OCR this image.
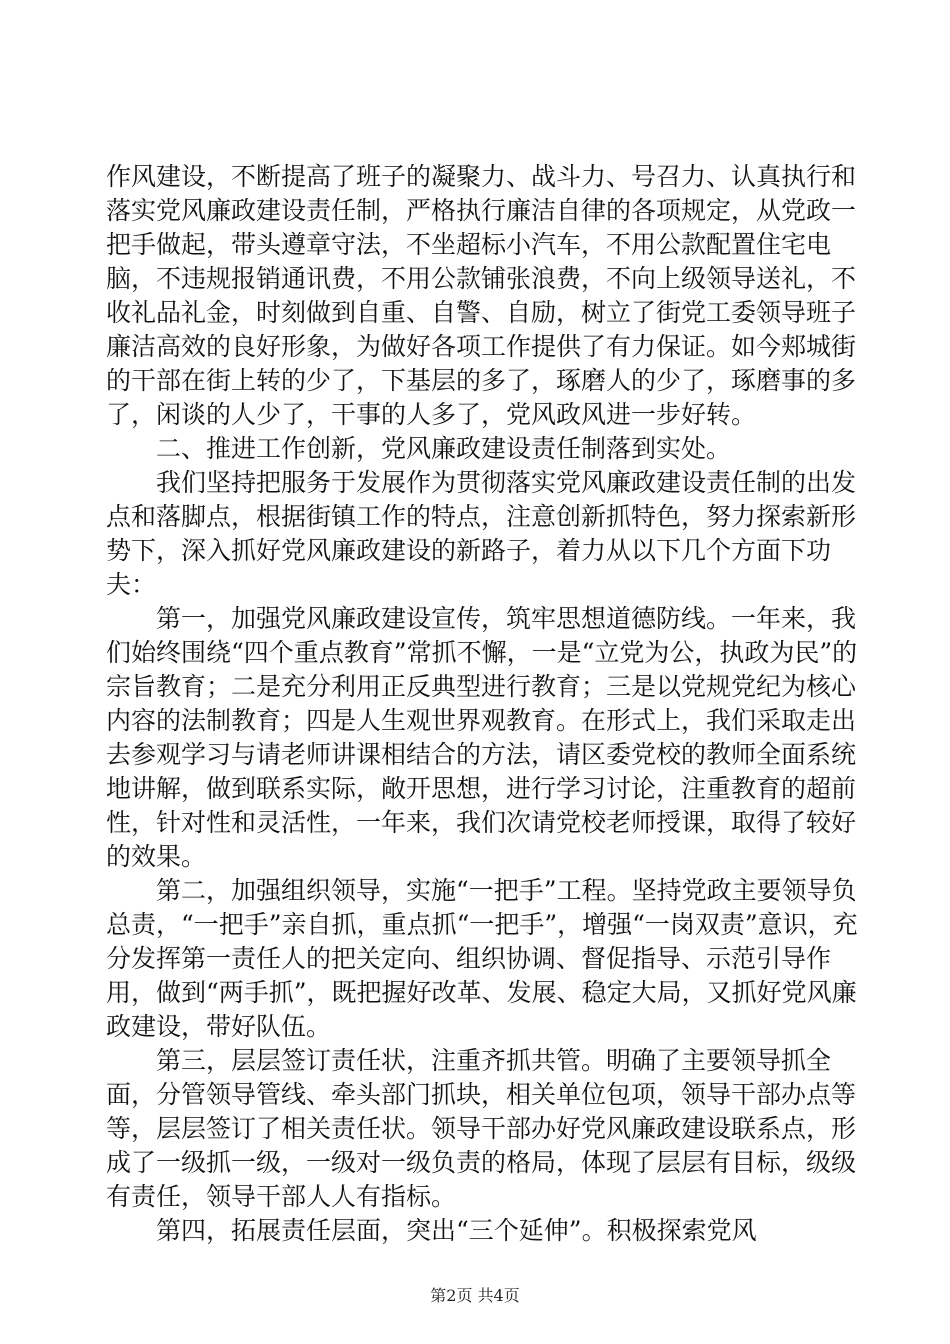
作风建设，不断提高了班子的凝聚力、战斗力、号召力、认真执行和落实党风廉政建设责任制，严格执行廉洁自律的各项规定，从党政一把手做起，带头遵章守法，不坐超标小汽车，不用公款配置住宅电脑，不违规报销通讯费，不用公款铺张浪费，不向上级领导送礼，不收礼品礼金，时刻做到自重、自警、自励，树立了街党工委领导班子廉洁高效的良好形象，为做好各项工作提供了有力保证。如今郏城街的干部在街上转的少了，下基层的多了，琢磨人的少了，琢磨事的多了，闲谈的人少了，干事的人多了，党风政风进一步好转。

二、推进工作创新，党风廉政建设责任制落到实处。

我们坚持把服务于发展作为贯彻落实党风廉政建设责任制的出发点和落脚点，根据街镇工作的特点，注意创新抓特色，努力探索新形势下，深入抓好党风廉政建设的新路子，着力从以下几个方面下功夫：

第一，加强党风廉政建设宣传，筑牢思想道德防线。一年来，我们始终围绕“四个重点教育”常抓不懈，一是“立党为公，执政为民”的宗旨教育；二是充分利用正反典型进行教育；三是以党规党纪为核心内容的法制教育；四是人生观世界观教育。在形式上，我们采取走出去参观学习与请老师讲课相结合的方法，请区委党校的教师全面系统地讲解，做到联系实际，敞开思想，进行学习讨论，注重教育的超前性，针对性和灵活性，一年来，我们次请党校老师授课，取得了较好的效果。

第二，加强组织领导，实施“一把手”工程。坚持党政主要领导负总责，“一把手”亲自抓，重点抓“一把手”，增强“一岗双责”意识，充分发挥第一责任人的把关定向、组织协调、督促指导、示范引导作用，做到“两手抓”，既把握好改革、发展、稳定大局，又抓好党风廉政建设，带好队伍。

第三，层层签订责任状，注重齐抓共管。明确了主要领导抓全面，分管领导管线、牵头部门抓块，相关单位包项，领导干部办点等等，层层签订了相关责任状。领导干部办好党风廉政建设联系点，形成了一级抓一级，一级对一级负责的格局，体现了层层有目标，级级有责任，领导干部人人有指标。

第四，拓展责任层面，突出“三个延伸”。积极探索党风

第2页 共4页
